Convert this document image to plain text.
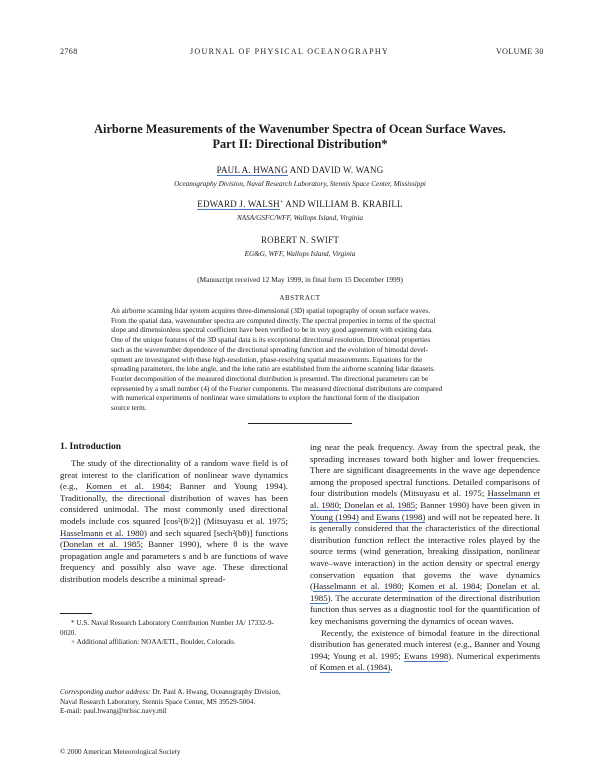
2768	JOURNAL OF PHYSICAL OCEANOGRAPHY	VOLUME 30
Airborne Measurements of the Wavenumber Spectra of Ocean Surface Waves.
Part II: Directional Distribution*
PAUL A. HWANG AND DAVID W. WANG
Oceanography Division, Naval Research Laboratory, Stennis Space Center, Mississippi
EDWARD J. WALSH+ AND WILLIAM B. KRABILL
NASA/GSFC/WFF, Wallops Island, Virginia
ROBERT N. SWIFT
EG&G, WFF, Wallops Island, Virginia
(Manuscript received 12 May 1999, in final form 15 December 1999)
ABSTRACT
An airborne scanning lidar system acquires three-dimensional (3D) spatial topography of ocean surface waves.
From the spatial data, wavenumber spectra are computed directly. The spectral properties in terms of the spectral
slope and dimensionless spectral coefficient have been verified to be in very good agreement with existing data.
One of the unique features of the 3D spatial data is its exceptional directional resolution. Directional properties
such as the wavenumber dependence of the directional spreading function and the evolution of bimodal devel-
opment are investigated with these high-resolution, phase-resolving spatial measurements. Equations for the
spreading parameters, the lobe angle, and the lobe ratio are established from the airborne scanning lidar datasets.
Fourier decomposition of the measured directional distribution is presented. The directional parameters can be
represented by a small number (4) of the Fourier components. The measured directional distributions are compared
with numerical experiments of nonlinear wave simulations to explore the functional form of the dissipation
source term.
1. Introduction
The study of the directionality of a random wave field is of great interest to the clarification of nonlinear wave dynamics (e.g., Komen et al. 1984; Banner and Young 1994). Traditionally, the directional distribution of waves has been considered unimodal. The most commonly used directional models include cos squared [cos²(θ/2)] (Mitsuyasu et al. 1975; Hasselmann et al. 1980) and sech squared [sech²(bθ)] functions (Donelan et al. 1985; Banner 1990), where θ is the wave propagation angle and parameters s and b are functions of wave frequency and possibly also wave age. These directional distribution models describe a minimal spread-
* U.S. Naval Research Laboratory Contribution Number JA/ 17332-9-0020.
+ Additional affiliation: NOAA/ETL, Boulder, Colorado.
Corresponding author address: Dr. Paul A. Hwang, Oceanography Division, Naval Research Laboratory, Stennis Space Center, MS 39529-5004.
E-mail: paul.hwang@nrlssc.navy.mil
ing near the peak frequency. Away from the spectral peak, the spreading increases toward both higher and lower frequencies. There are significant disagreements in the wave age dependence among the proposed spectral functions. Detailed comparisons of four distribution models (Mitsuyasu et al. 1975; Hasselmann et al. 1980; Donelan et al. 1985; Banner 1990) have been given in Young (1994) and Ewans (1998) and will not be repeated here. It is generally considered that the characteristics of the directional distribution function reflect the interactive roles played by the source terms (wind generation, breaking dissipation, nonlinear wave–wave interaction) in the action density or spectral energy conservation equation that govems the wave dynamics (Hasselmann et al. 1980; Komen et al. 1984; Donelan et al. 1985). The accurate determination of the directional distribution function thus serves as a diagnostic tool for the quantification of key mechanisms governing the dynamics of ocean waves.
Recently, the existence of bimodal feature in the directional distribution has generated much interest (e.g., Banner and Young 1994; Young et al. 1995; Ewans 1998). Numerical experiments of Komen et al. (1984),
© 2000 American Meteorological Society
